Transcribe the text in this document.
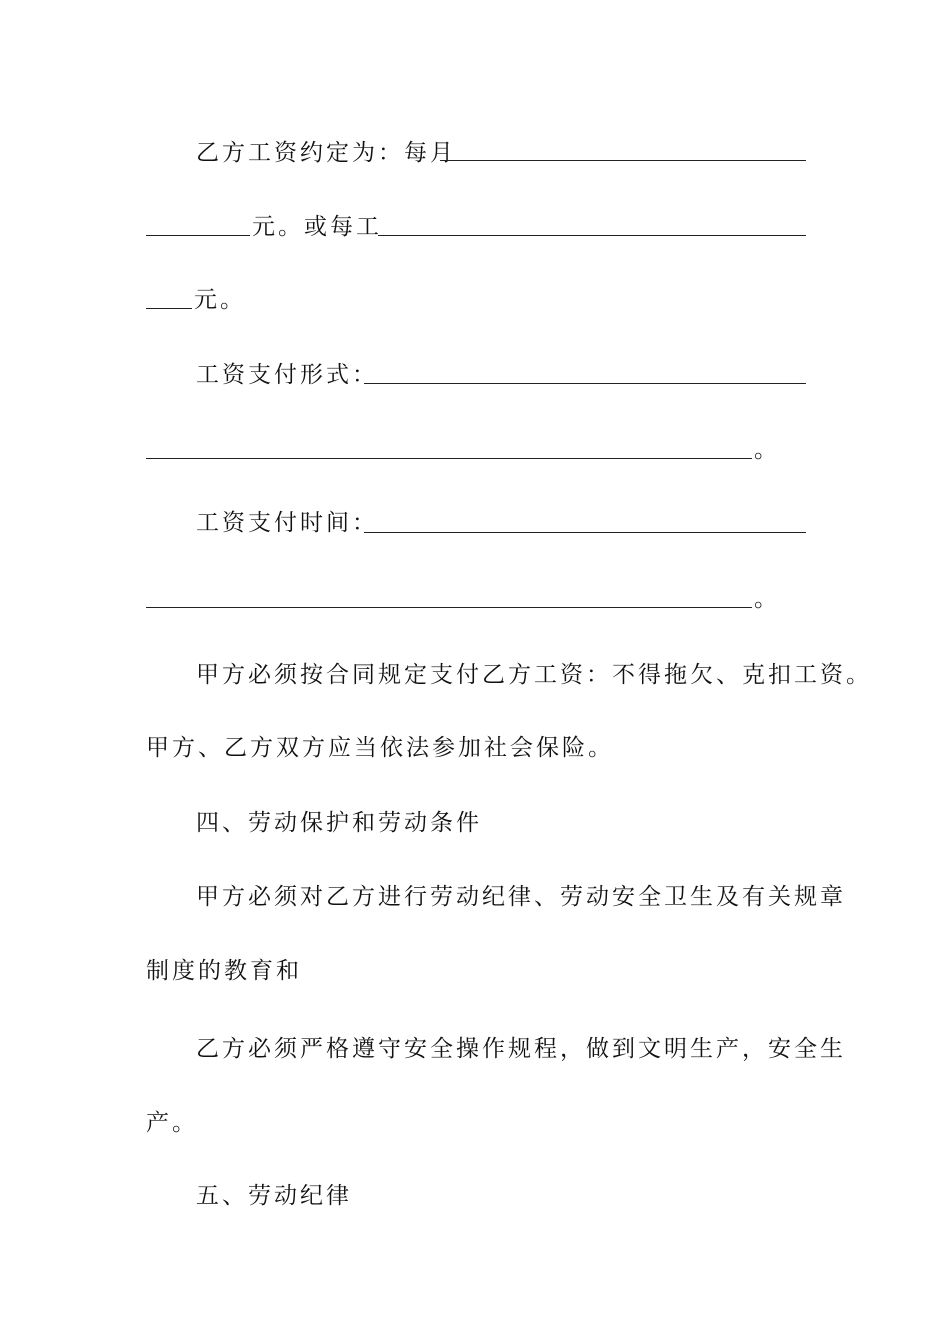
乙方工资约定为：每月
元。或每工
元。
工资支付形式：
。
工资支付时间：
。
甲方必须按合同规定支付乙方工资：不得拖欠、克扣工资。
甲方、乙方双方应当依法参加社会保险。
四、劳动保护和劳动条件
甲方必须对乙方进行劳动纪律、劳动安全卫生及有关规章
制度的教育和
乙方必须严格遵守安全操作规程，做到文明生产，安全生
产。
五、劳动纪律
